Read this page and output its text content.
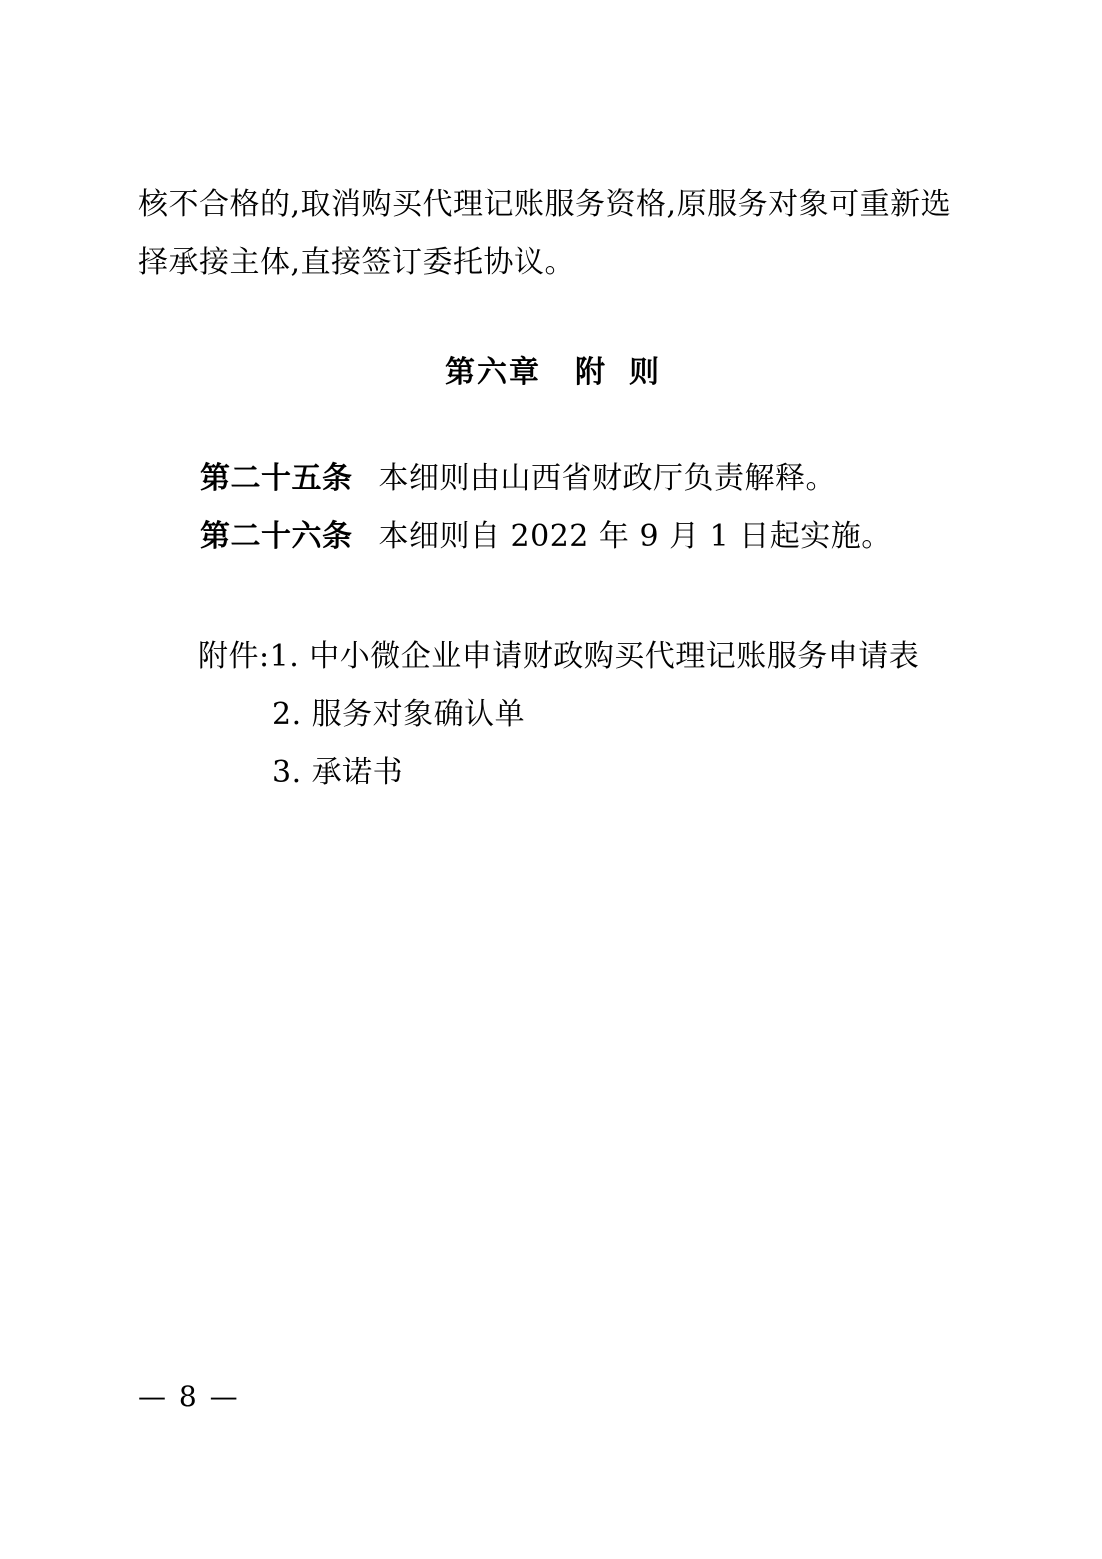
核不合格的,取消购买代理记账服务资格,原服务对象可重新选
择承接主体,直接签订委托协议。

第六章 附 则

第二十五条 本细则由山西省财政厅负责解释。

第二十六条 本细则自 2022 年 9 月 1 日起实施。

附件:1. 中小微企业申请财政购买代理记账服务申请表

2. 服务对象确认单

3. 承诺书

— 8 —
